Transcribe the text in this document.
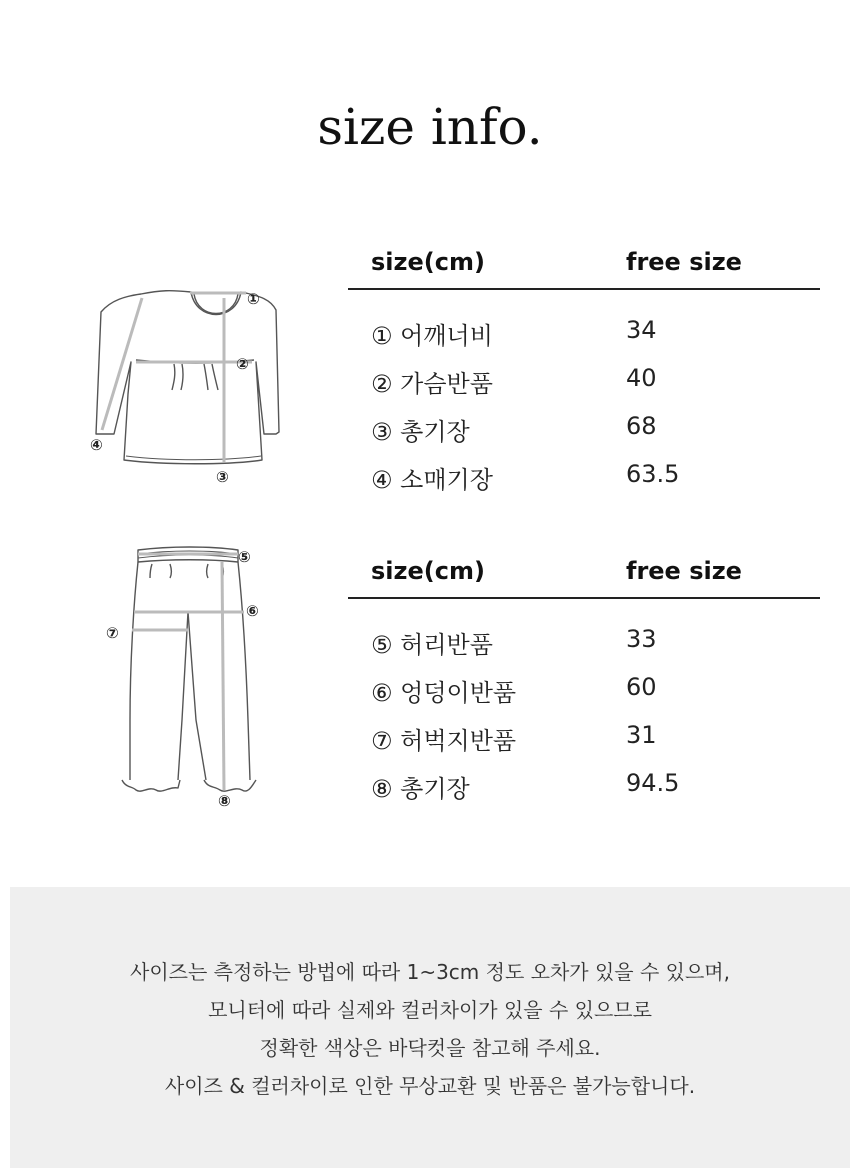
size info.
①
②
③
④
size(cm)	free size
① 어깨너비	34
② 가슴반품	40
③ 총기장	68
④ 소매기장	63.5
⑤
⑥
⑦
⑧
size(cm)	free size
⑤ 허리반품	33
⑥ 엉덩이반품	60
⑦ 허벅지반품	31
⑧ 총기장	94.5

사이즈는 측정하는 방법에 따라 1~3cm 정도 오차가 있을 수 있으며,

모니터에 따라 실제와 컬러차이가 있을 수 있으므로

정확한 색상은 바닥컷을 참고해 주세요.

사이즈 & 컬러차이로 인한 무상교환 및 반품은 불가능합니다.
